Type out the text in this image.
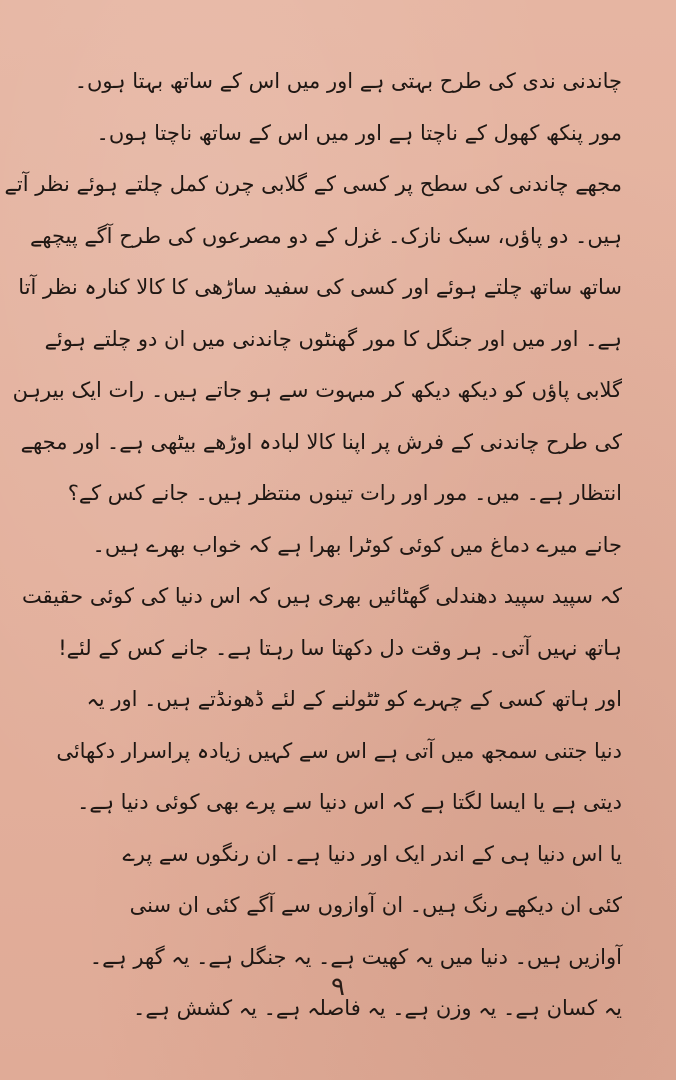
چاندنی ندی کی طرح بہتی ہے اور میں اس کے ساتھ بہتا ہوں۔
مور پنکھ کھول کے ناچتا ہے اور میں اس کے ساتھ ناچتا ہوں۔
مجھے چاندنی کی سطح پر کسی کے گلابی چرن کمل چلتے ہوئے نظر آتے
ہیں۔ دو پاؤں، سبک نازک۔ غزل کے دو مصرعوں کی طرح آگے پیچھے
ساتھ ساتھ چلتے ہوئے اور کسی کی سفید ساڑھی کا کالا کنارہ نظر آتا
ہے۔ اور میں اور جنگل کا مور گھنٹوں چاندنی میں ان دو چلتے ہوئے
گلابی پاؤں کو دیکھ دیکھ کر مبہوت سے ہو جاتے ہیں۔ رات ایک بیرہن
کی طرح چاندنی کے فرش پر اپنا کالا لبادہ اوڑھے بیٹھی ہے۔ اور مجھے
انتظار ہے۔ میں۔ مور اور رات تینوں منتظر ہیں۔ جانے کس کے؟
جانے میرے دماغ میں کوئی کوٹرا بھرا ہے کہ خواب بھرے ہیں۔
کہ سپید سپید دھندلی گھٹائیں بھری ہیں کہ اس دنیا کی کوئی حقیقت
ہاتھ نہیں آتی۔ ہر وقت دل دکھتا سا رہتا ہے۔ جانے کس کے لئے!
اور ہاتھ کسی کے چہرے کو ٹٹولنے کے لئے ڈھونڈتے ہیں۔ اور یہ
دنیا جتنی سمجھ میں آتی ہے اس سے کہیں زیادہ پراسرار دکھائی
دیتی ہے یا ایسا لگتا ہے کہ اس دنیا سے پرے بھی کوئی دنیا ہے۔
یا اس دنیا ہی کے اندر ایک اور دنیا ہے۔ ان رنگوں سے پرے
کئی ان دیکھے رنگ ہیں۔ ان آوازوں سے آگے کئی ان سنی
آوازیں ہیں۔ دنیا میں یہ کھیت ہے۔ یہ جنگل ہے۔ یہ گھر ہے۔
یہ کسان ہے۔ یہ وزن ہے۔ یہ فاصلہ ہے۔ یہ کشش ہے۔
۹
